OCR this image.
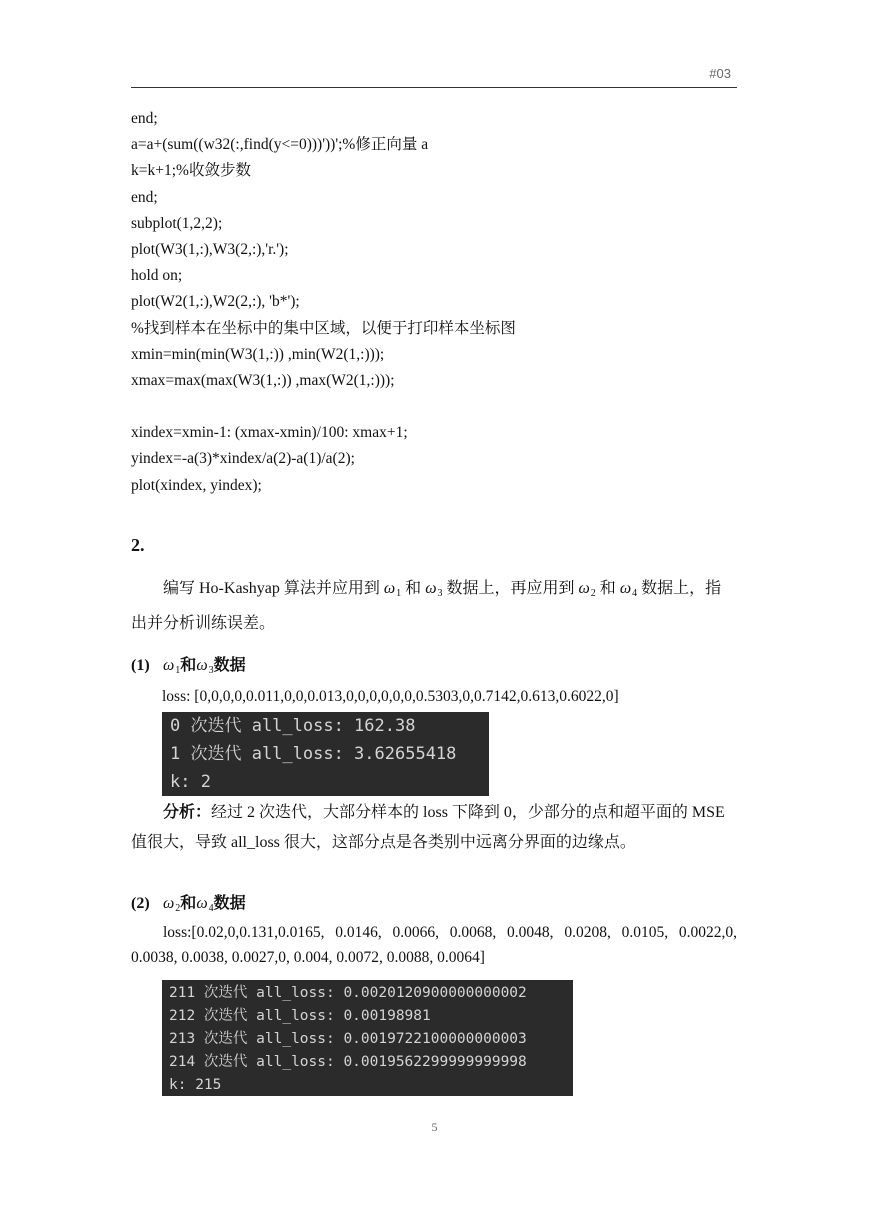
#03
end;
a=a+(sum((w32(:,find(y<=0)))'))';%修正向量 a
k=k+1;%收敛步数
end;
subplot(1,2,2);
plot(W3(1,:),W3(2,:),'r.');
hold on;
plot(W2(1,:),W2(2,:), 'b*');
%找到样本在坐标中的集中区域，以便于打印样本坐标图
xmin=min(min(W3(1,:)) ,min(W2(1,:)));
xmax=max(max(W3(1,:)) ,max(W2(1,:)));
xindex=xmin-1: (xmax-xmin)/100: xmax+1;
yindex=-a(3)*xindex/a(2)-a(1)/a(2);
plot(xindex, yindex);
2.
编写 Ho-Kashyap 算法并应用到 $\omega_1$ 和 $\omega_3$ 数据上，再应用到 $\omega_2$ 和 $\omega_4$ 数据上，指出并分析训练误差。
(1) $\omega_1$和$\omega_3$数据
loss: [0,0,0,0,0.011,0,0,0.013,0,0,0,0,0,0,0.5303,0,0.7142,0.613,0.6022,0]
0 次迭代 all_loss: 162.38
1 次迭代 all_loss: 3.62655418
k: 2
分析：经过 2 次迭代，大部分样本的 loss 下降到 0，少部分的点和超平面的 MSE 值很大，导致 all_loss 很大，这部分点是各类别中远离分界面的边缘点。
(2) $\omega_2$和$\omega_4$数据
loss:[0.02,0,0.131,0.0165, 0.0146, 0.0066, 0.0068, 0.0048, 0.0208, 0.0105, 0.0022,0, 0.0038, 0.0038, 0.0027,0, 0.004, 0.0072, 0.0088, 0.0064]
211 次迭代 all_loss: 0.0020120900000000002
212 次迭代 all_loss: 0.00198981
213 次迭代 all_loss: 0.0019722100000000003
214 次迭代 all_loss: 0.0019562299999999998
k: 215
5
